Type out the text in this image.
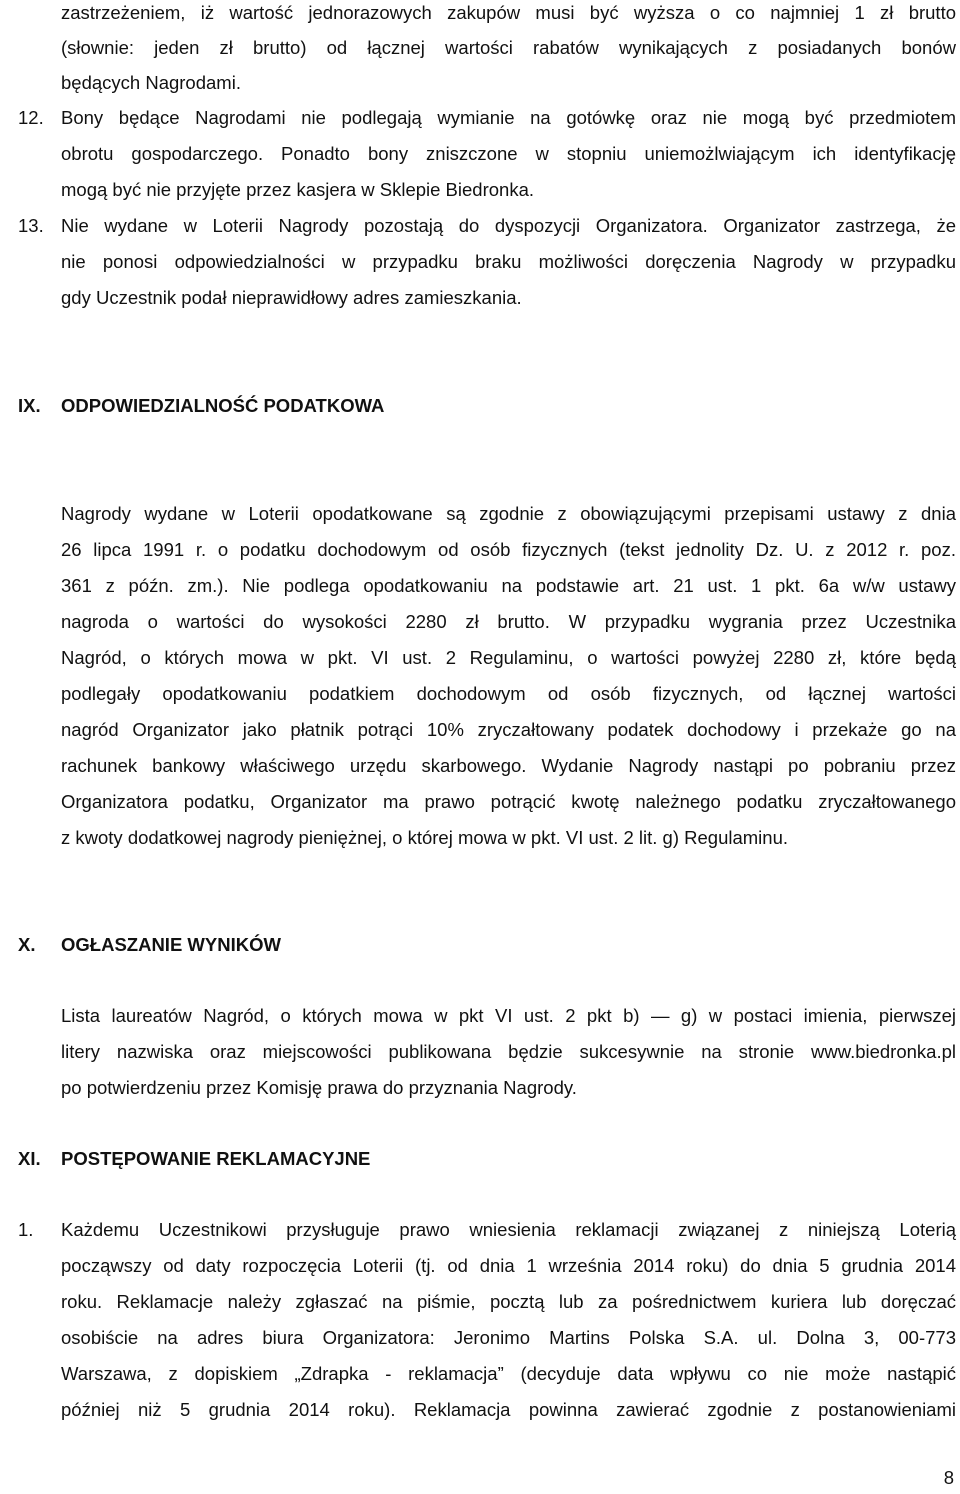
zastrzeżeniem, iż wartość jednorazowych zakupów musi być wyższa o co najmniej 1 zł brutto
(słownie: jeden zł brutto) od łącznej wartości rabatów wynikających z posiadanych bonów
będących Nagrodami.
12. Bony będące Nagrodami nie podlegają wymianie na gotówkę oraz nie mogą być przedmiotem
obrotu gospodarczego. Ponadto bony zniszczone w stopniu uniemożlwiającym ich identyfikację
mogą być nie przyjęte przez kasjera w Sklepie Biedronka.
13. Nie wydane w Loterii Nagrody pozostają do dyspozycji Organizatora. Organizator zastrzega, że
nie ponosi odpowiedzialności w przypadku braku możliwości doręczenia Nagrody w przypadku
gdy Uczestnik podał nieprawidłowy adres zamieszkania.
IX. ODPOWIEDZIALNOŚĆ PODATKOWA
Nagrody wydane w Loterii opodatkowane są zgodnie z obowiązującymi przepisami ustawy z dnia
26 lipca 1991 r. o podatku dochodowym od osób fizycznych (tekst jednolity Dz. U. z 2012 r. poz.
361 z późn. zm.). Nie podlega opodatkowaniu na podstawie art. 21 ust. 1 pkt. 6a w/w ustawy
nagroda o wartości do wysokości 2280 zł brutto. W przypadku wygrania przez Uczestnika
Nagród, o których mowa w pkt. VI ust. 2 Regulaminu, o wartości powyżej 2280 zł, które będą
podlegały opodatkowaniu podatkiem dochodowym od osób fizycznych, od łącznej wartości
nagród Organizator jako płatnik potrąci 10% zryczałtowany podatek dochodowy i przekaże go na
rachunek bankowy właściwego urzędu skarbowego. Wydanie Nagrody nastąpi po pobraniu przez
Organizatora podatku, Organizator ma prawo potrącić kwotę należnego podatku zryczałtowanego
z kwoty dodatkowej nagrody pieniężnej, o której mowa w pkt. VI ust. 2 lit. g) Regulaminu.
X. OGŁASZANIE WYNIKÓW
Lista laureatów Nagród, o których mowa w pkt VI ust. 2 pkt b) — g) w postaci imienia, pierwszej
litery nazwiska oraz miejscowości publikowana będzie sukcesywnie na stronie www.biedronka.pl
po potwierdzeniu przez Komisję prawa do przyznania Nagrody.
XI. POSTĘPOWANIE REKLAMACYJNE
1. Każdemu Uczestnikowi przysługuje prawo wniesienia reklamacji związanej z niniejszą Loterią
począwszy od daty rozpoczęcia Loterii (tj. od dnia 1 września 2014 roku) do dnia 5 grudnia 2014
roku. Reklamacje należy zgłaszać na piśmie, pocztą lub za pośrednictwem kuriera lub doręczać
osobiście na adres biura Organizatora: Jeronimo Martins Polska S.A. ul. Dolna 3, 00-773
Warszawa, z dopiskiem „Zdrapka - reklamacja” (decyduje data wpływu co nie może nastąpić
później niż 5 grudnia 2014 roku). Reklamacja powinna zawierać zgodnie z postanowieniami
8
